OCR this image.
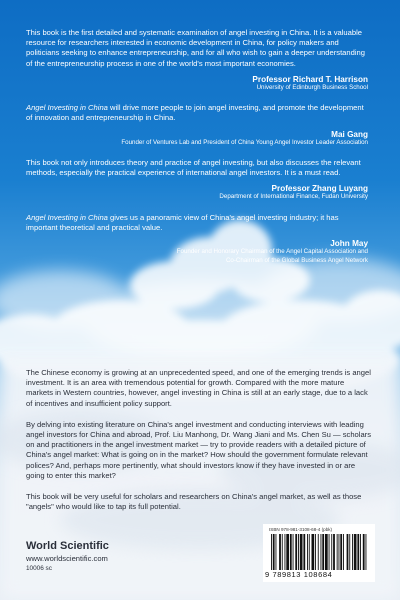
This book is the first detailed and systematic examination of angel investing in China. It is a valuable resource for researchers interested in economic development in China, for policy makers and politicians seeking to enhance entrepreneurship, and for all who wish to gain a deeper understanding of the entrepreneurship process in one of the world's most important economies.

Professor Richard T. Harrison

University of Edinburgh Business School

Angel Investing in China will drive more people to join angel investing, and promote the development of innovation and entrepreneurship in China.

Mai Gang

Founder of Ventures Lab and President of China Young Angel Investor Leader Association

This book not only introduces theory and practice of angel investing, but also discusses the relevant methods, especially the practical experience of international angel investors. It is a must read.

Professor Zhang Luyang

Department of International Finance, Fudan University

Angel Investing in China gives us a panoramic view of China's angel investing industry; it has important theoretical and practical value.

John May

Founder and Honorary Chairman of the Angel Capital Association and

Co-Chairman of the Global Business Angel Network

The Chinese economy is growing at an unprecedented speed, and one of the emerging trends is angel investment. It is an area with tremendous potential for growth. Compared with the more mature markets in Western countries, however, angel investing in China is still at an early stage, due to a lack of incentives and insufficient policy support.

By delving into existing literature on China's angel investment and conducting interviews with leading angel investors for China and abroad, Prof. Liu Manhong, Dr. Wang Jiani and Ms. Chen Su — scholars on and practitioners in the angel investment market — try to provide readers with a detailed picture of China's angel market: What is going on in the market? How should the government formulate relevant polices? And, perhaps more pertinently, what should investors know if they have invested in or are going to enter this market?

This book will be very useful for scholars and researchers on China's angel market, as well as those "angels" who would like to tap its full potential.

World Scientific

www.worldscientific.com

10006 sc

ISBN 978-981-3108-68-4 (pbk)
9 789813 108684
